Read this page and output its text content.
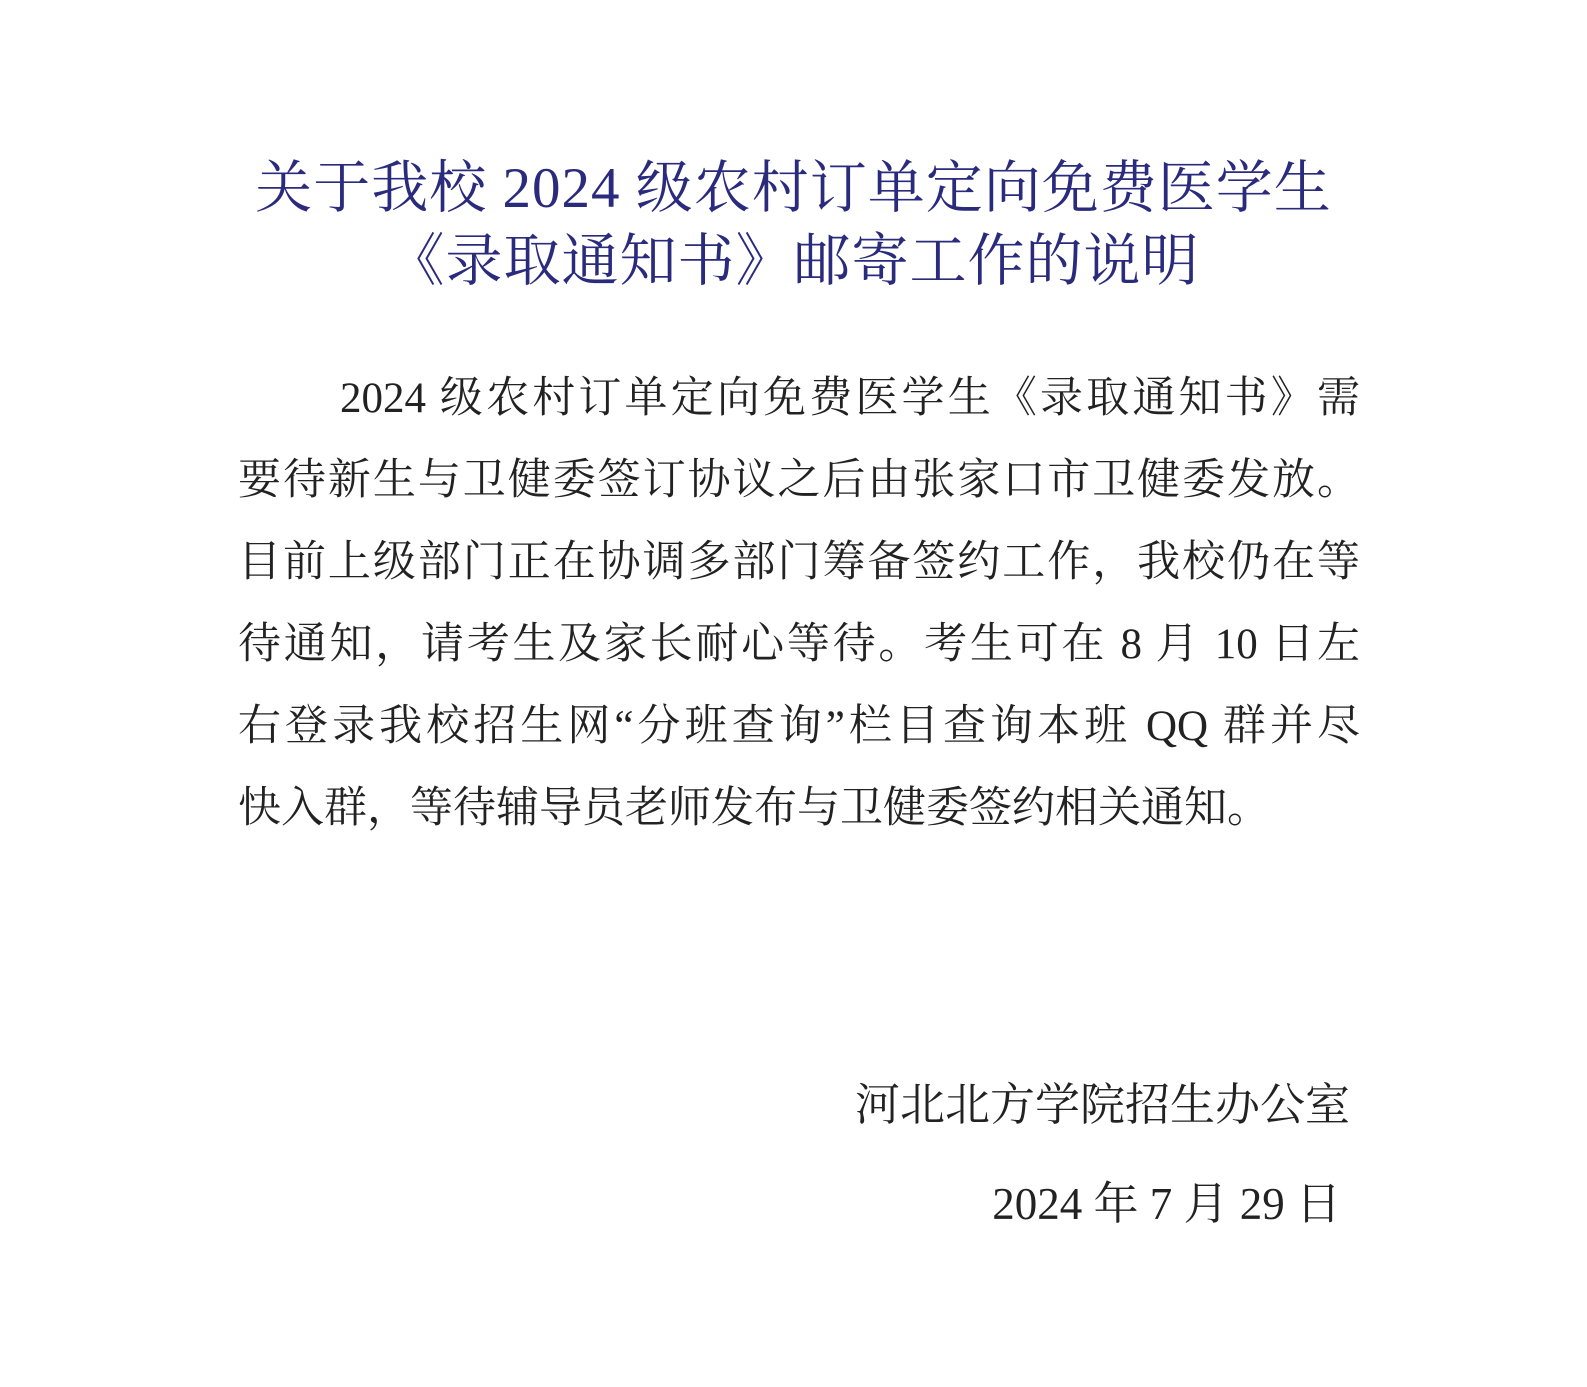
关于我校 2024 级农村订单定向免费医学生
《录取通知书》邮寄工作的说明
2024 级农村订单定向免费医学生《录取通知书》需
要待新生与卫健委签订协议之后由张家口市卫健委发放。
目前上级部门正在协调多部门筹备签约工作，我校仍在等
待通知，请考生及家长耐心等待。考生可在 8 月 10 日左
右登录我校招生网“分班查询”栏目查询本班 QQ 群并尽
快入群，等待辅导员老师发布与卫健委签约相关通知。
河北北方学院招生办公室
2024 年 7 月 29 日
